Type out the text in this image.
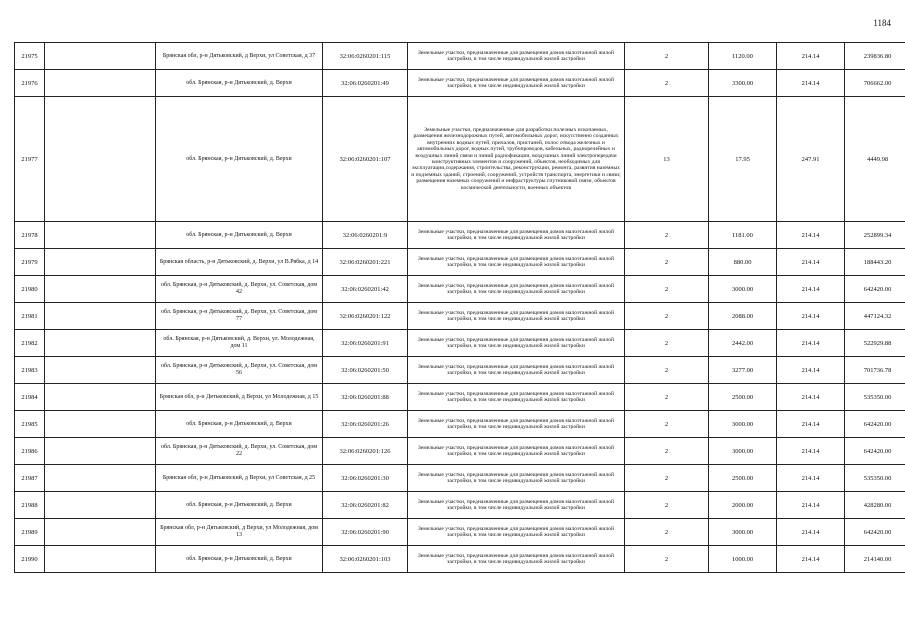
1184
21975		Брянская обл, р-н Дятьковский, д Верхи, ул Советская, д 37	32:06:0260201:115	Земельные участки, предназначенные для размещения домов малоэтажной жилой застройки, в том числе индивидуальной жилой застройки	2	1120.00	214.14	239836.80
21976		обл. Брянская, р-н Дятьковский, д. Верхи	32:06:0260201:49	Земельные участки, предназначенные для размещения домов малоэтажной жилой застройки, в том числе индивидуальной жилой застройки	2	3300.00	214.14	706662.00
21977		обл. Брянская, р-н Дятьковский, д. Верхи	32:06:0260201:107	Земельные участки, предназначенные для разработки полезных ископаемых, размещения железнодорожных путей, автомобильных дорог, искусственно созданных внутренних водных путей, причалов, пристаней, полос отвода железных и автомобильных дорог, водных путей, трубопроводов, кабельных, радиорелейных и воздушных линий связи и линий радиофикации, воздушных линий электропередачи конструктивных элементов и сооружений, объектов, необходимых для эксплуатации,содержания, строительства, реконструкции, ремонта, развития наземных и подземных зданий, строений, сооружений, устройств транспорта, энергетики и связи; размещения наземных сооружений и инфраструктуры спутниковой связи, объектов космической деятельности, военных объектов	13	17.95	247.91	4449.98
21978		обл. Брянская, р-н Дятьковский, д. Верхи	32:06:0260201:9	Земельные участки, предназначенные для размещения домов малоэтажной жилой застройки, в том числе индивидуальной жилой застройки	2	1181.00	214.14	252899.34
21979		Брянская область, р-н Дятьковский, д. Верхи, ул В.Рябка, д 14	32:06:0260201:221	Земельные участки, предназначенные для размещения домов малоэтажной жилой застройки, в том числе индивидуальной жилой застройки	2	880.00	214.14	188443.20
21980		обл. Брянская, р-н Дятьковский, д. Верхи, ул. Советская, дом 42	32:06:0260201:42	Земельные участки, предназначенные для размещения домов малоэтажной жилой застройки, в том числе индивидуальной жилой застройки	2	3000.00	214.14	642420.00
21981		обл. Брянская, р-н Дятьковский, д. Верхи, ул. Советская, дом 77	32:06:0260201:122	Земельные участки, предназначенные для размещения домов малоэтажной жилой застройки, в том числе индивидуальной жилой застройки	2	2088.00	214.14	447124.32
21982		обл. Брянская, р-н Дятьковский, д. Верхи, ул. Молодежная, дом 11	32:06:0260201:91	Земельные участки, предназначенные для размещения домов малоэтажной жилой застройки, в том числе индивидуальной жилой застройки	2	2442.00	214.14	522929.88
21983		обл. Брянская, р-н Дятьковский, д. Верхи, ул. Советская, дом 56	32:06:0260201:50	Земельные участки, предназначенные для размещения домов малоэтажной жилой застройки, в том числе индивидуальной жилой застройки	2	3277.00	214.14	701736.78
21984		Брянская обл, р-н Дятьковский, д Верхи, ул Молодежная, д 15	32:06:0260201:88	Земельные участки, предназначенные для размещения домов малоэтажной жилой застройки, в том числе индивидуальной жилой застройки	2	2500.00	214.14	535350.00
21985		обл. Брянская, р-н Дятьковский, д. Верхи	32:06:0260201:26	Земельные участки, предназначенные для размещения домов малоэтажной жилой застройки, в том числе индивидуальной жилой застройки	2	3000.00	214.14	642420.00
21986		обл. Брянская, р-н Дятьковский, д. Верхи, ул. Советская, дом 22	32:06:0260201:126	Земельные участки, предназначенные для размещения домов малоэтажной жилой застройки, в том числе индивидуальной жилой застройки	2	3000.00	214.14	642420.00
21987		Брянская обл, р-н Дятьковский, д Верхи, ул Советская, д 25	32:06:0260201:30	Земельные участки, предназначенные для размещения домов малоэтажной жилой застройки, в том числе индивидуальной жилой застройки	2	2500.00	214.14	535350.00
21988		обл. Брянская, р-н Дятьковский, д. Верхи	32:06:0260201:82	Земельные участки, предназначенные для размещения домов малоэтажной жилой застройки, в том числе индивидуальной жилой застройки	2	2000.00	214.14	428280.00
21989		Брянская обл, р-н Дятьковский, д Верхи, ул Молодежная, дом 13	32:06:0260201:90	Земельные участки, предназначенные для размещения домов малоэтажной жилой застройки, в том числе индивидуальной жилой застройки	2	3000.00	214.14	642420.00
21990		обл. Брянская, р-н Дятьковский, д. Верхи	32:06:0260201:103	Земельные участки, предназначенные для размещения домов малоэтажной жилой застройки, в том числе индивидуальной жилой застройки	2	1000.00	214.14	214140.00
